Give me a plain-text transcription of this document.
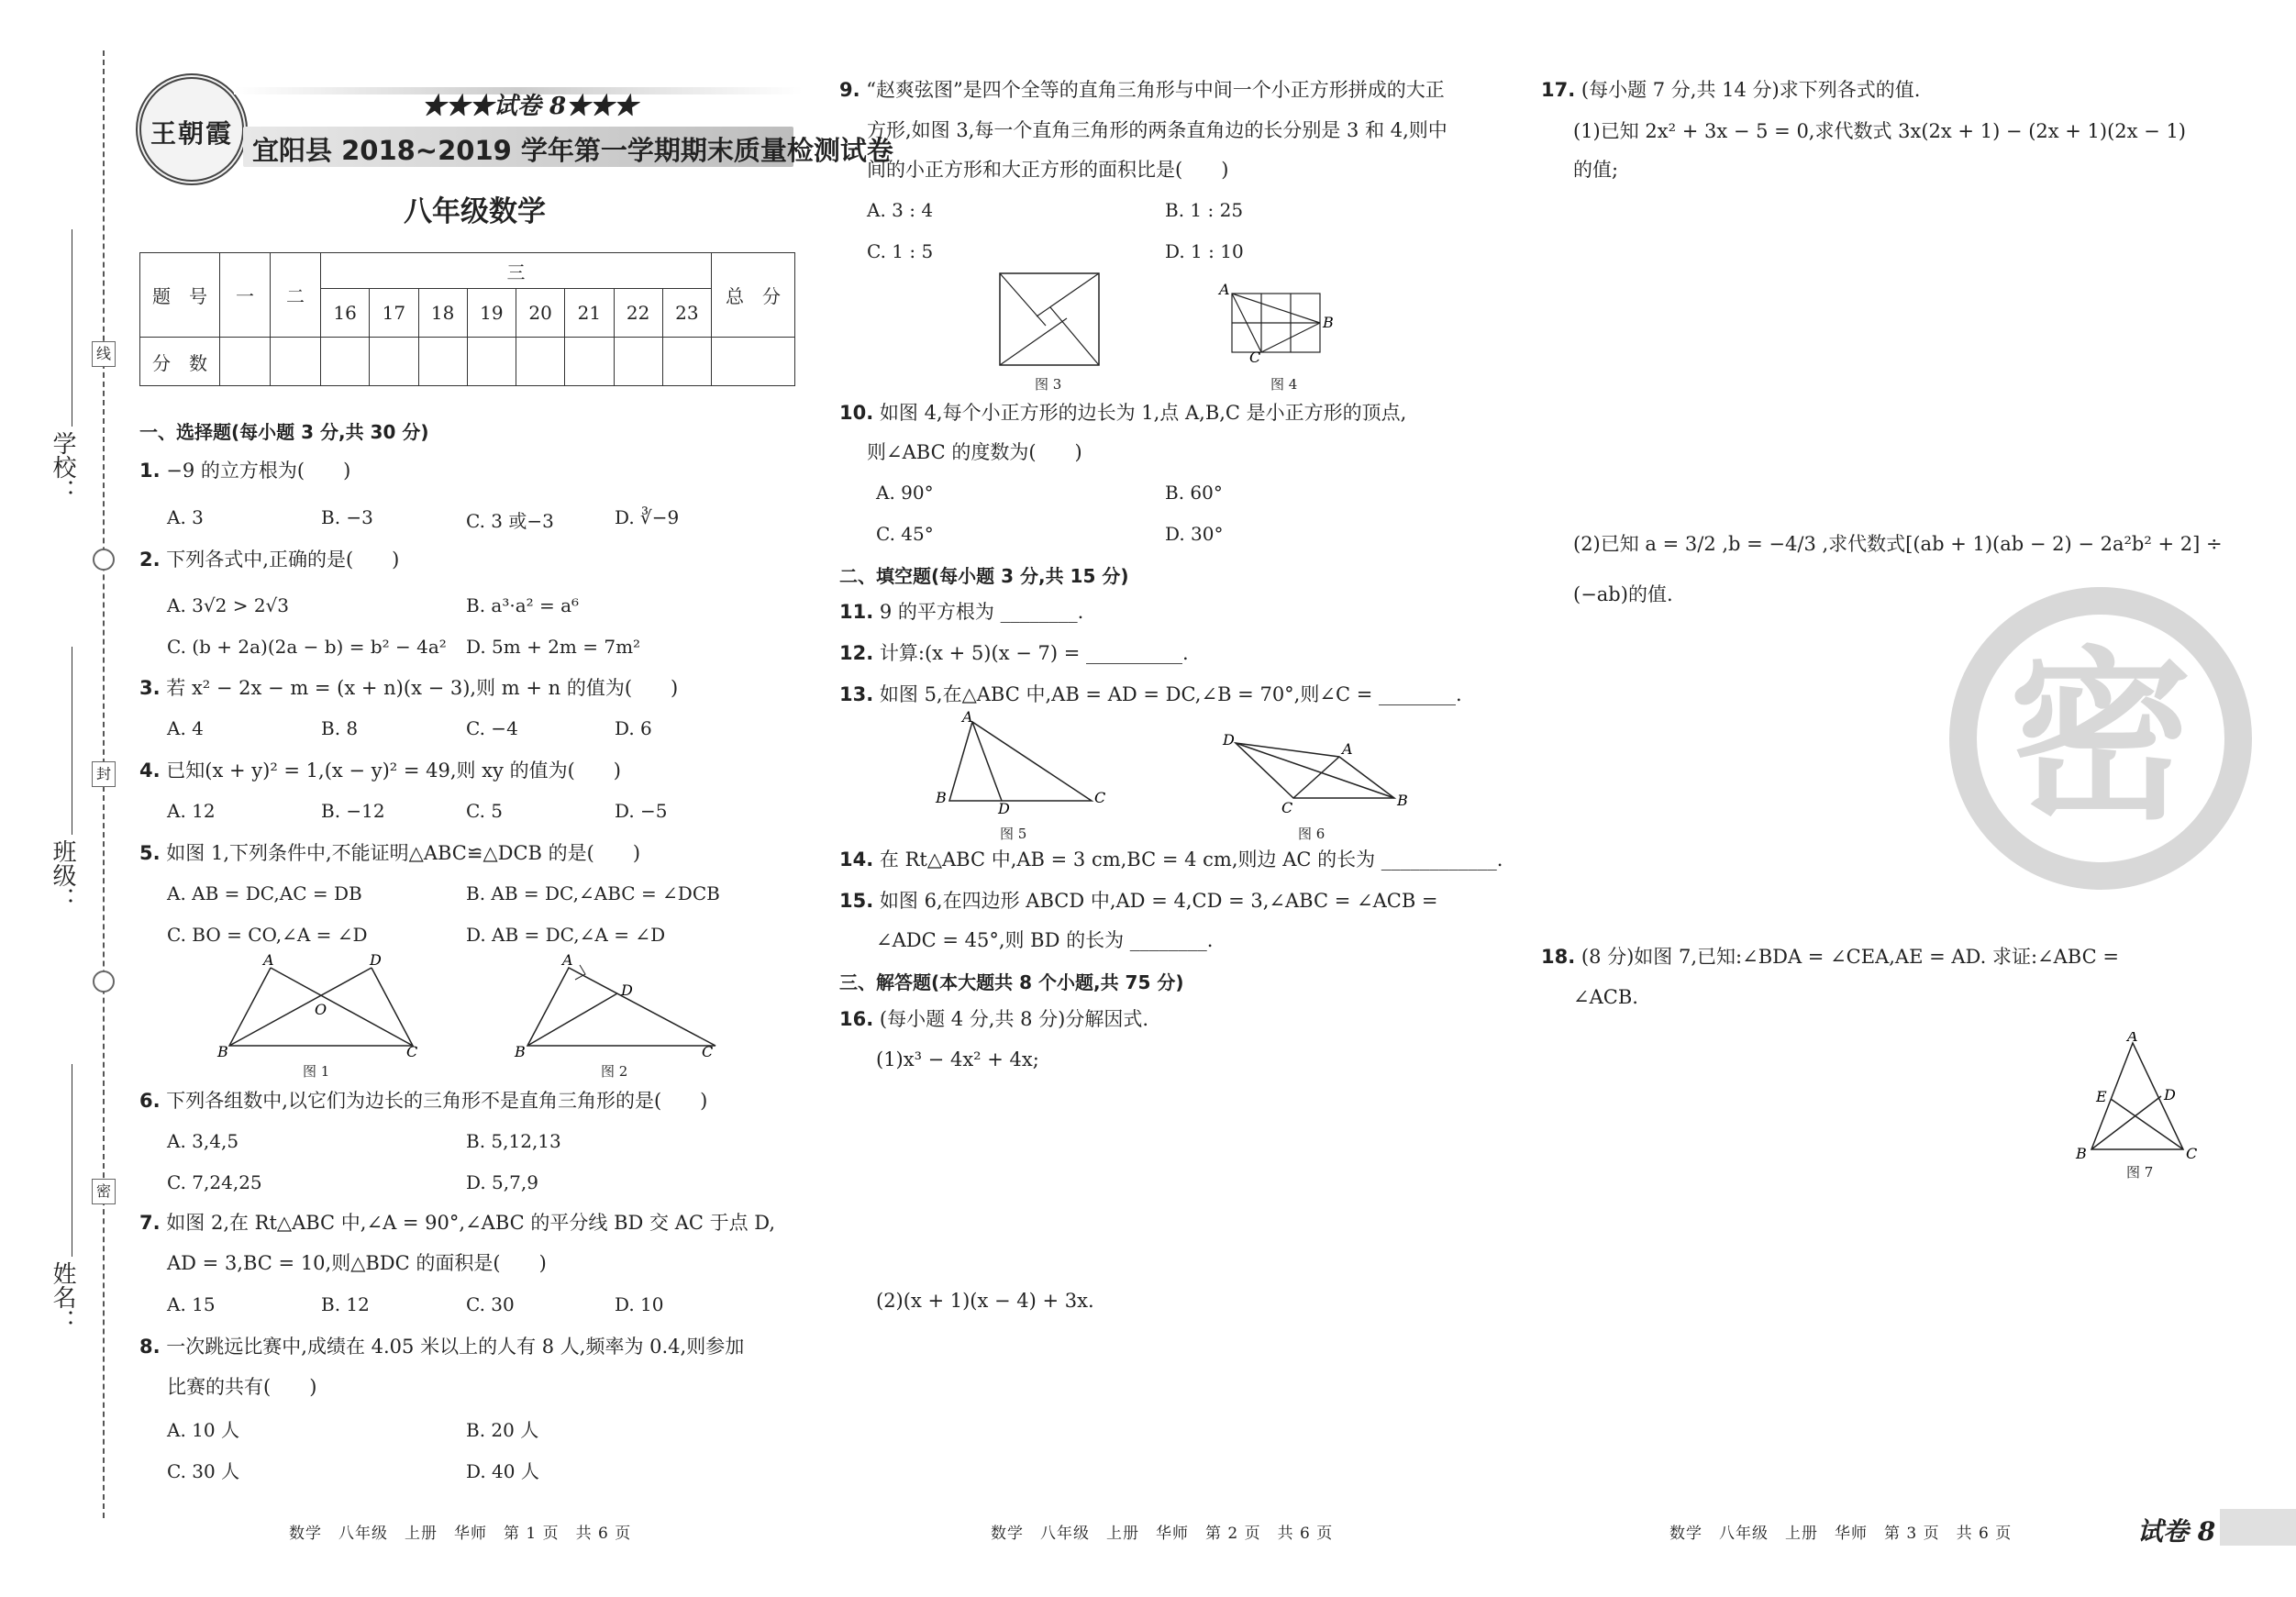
学校：
班级：
姓名：
线
封
密
王朝霞
★★★试卷 8★★★
宜阳县 2018~2019 学年第一学期期末质量检测试卷
八年级数学
题　号	一	二	三								总　分
			16	17	18	19	20	21	22	23	
分　数											
一、选择题(每小题 3 分,共 30 分)
1. −9 的立方根为(　　)
A. 3	B. −3	C. 3 或−3	D. ∛−9
2. 下列各式中,正确的是(　　)
A. 3√2 > 2√3	B. a³·a² = a⁶
C. (b + 2a)(2a − b) = b² − 4a² D. 5m + 2m = 7m²
3. 若 x² − 2x − m = (x + n)(x − 3),则 m + n 的值为(　　)
A. 4	B. 8	C. −4	D. 6
4. 已知(x + y)² = 1,(x − y)² = 49,则 xy 的值为(　　)
A. 12	B. −12	C. 5	D. −5
5. 如图 1,下列条件中,不能证明△ABC≌△DCB 的是(　　)
A. AB = DC,AC = DB	B. AB = DC,∠ABC = ∠DCB
C. BO = CO,∠A = ∠D	D. AB = DC,∠A = ∠D
A	D
B	C
O
图 1
A
D
B	C
图 2
6. 下列各组数中,以它们为边长的三角形不是直角三角形的是(　　)
A. 3,4,5	B. 5,12,13
C. 7,24,25	D. 5,7,9
7. 如图 2,在 Rt△ABC 中,∠A = 90°,∠ABC 的平分线 BD 交 AC 于点 D,
AD = 3,BC = 10,则△BDC 的面积是(　　)
A. 15	B. 12	C. 30	D. 10
8. 一次跳远比赛中,成绩在 4.05 米以上的人有 8 人,频率为 0.4,则参加
比赛的共有(　　)
A. 10 人	B. 20 人
C. 30 人	D. 40 人
9. “赵爽弦图”是四个全等的直角三角形与中间一个小正方形拼成的大正
方形,如图 3,每一个直角三角形的两条直角边的长分别是 3 和 4,则中
间的小正方形和大正方形的面积比是(　　)
A. 3 : 4	B. 1 : 25
C. 1 : 5	D. 1 : 10
图 3
A
B
C
图 4
10. 如图 4,每个小正方形的边长为 1,点 A,B,C 是小正方形的顶点,
则∠ABC 的度数为(　　)
A. 90°	B. 60°
C. 45°	D. 30°
二、填空题(每小题 3 分,共 15 分)
11. 9 的平方根为 ________.
12. 计算:(x + 5)(x − 7) = __________.
13. 如图 5,在△ABC 中,AB = AD = DC,∠B = 70°,则∠C = ________.
A
B
D
C
图 5
D
A
C	B
图 6
14. 在 Rt△ABC 中,AB = 3 cm,BC = 4 cm,则边 AC 的长为 ____________.
15. 如图 6,在四边形 ABCD 中,AD = 4,CD = 3,∠ABC = ∠ACB =
∠ADC = 45°,则 BD 的长为 ________.
三、解答题(本大题共 8 个小题,共 75 分)
16. (每小题 4 分,共 8 分)分解因式.
(1)x³ − 4x² + 4x;
(2)(x + 1)(x − 4) + 3x.
17. (每小题 7 分,共 14 分)求下列各式的值.
(1)已知 2x² + 3x − 5 = 0,求代数式 3x(2x + 1) − (2x + 1)(2x − 1)
的值;
(2)已知 a = 3/2 ,b = −4/3 ,求代数式[(ab + 1)(ab − 2) − 2a²b² + 2] ÷
(−ab)的值.
密
18. (8 分)如图 7,已知:∠BDA = ∠CEA,AE = AD. 求证:∠ABC =
∠ACB.
A
E	D
B	C
图 7
数学　八年级　上册　华师　第 1 页　共 6 页	数学　八年级　上册　华师　第 2 页　共 6 页	数学　八年级　上册　华师　第 3 页　共 6 页	试卷 8
